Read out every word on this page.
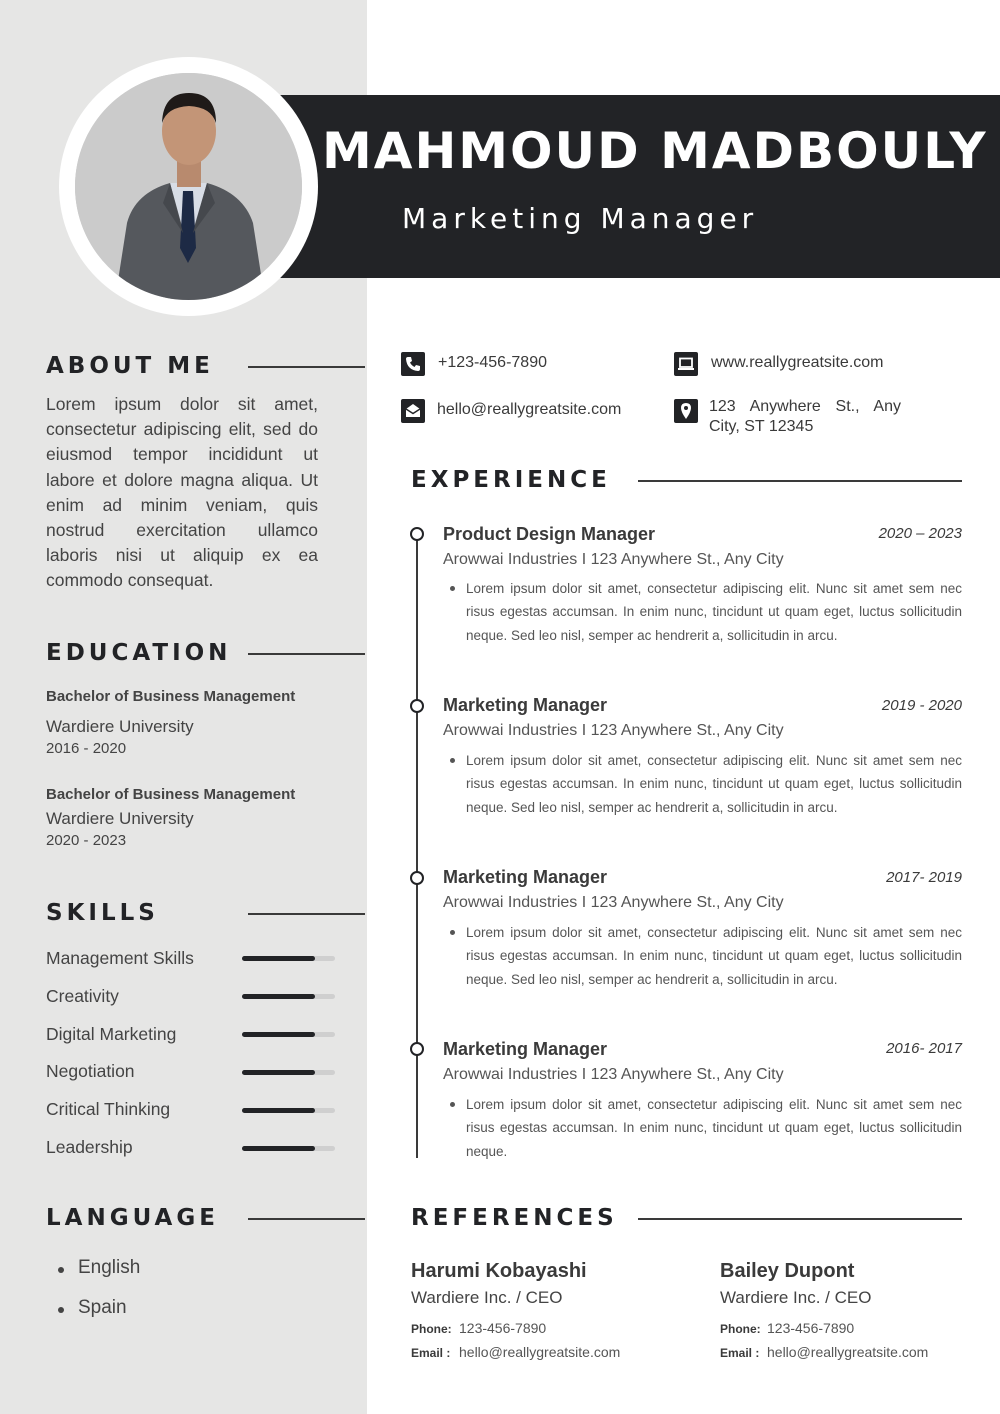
MAHMOUD MADBOULY
Marketing Manager
ABOUT ME
Lorem ipsum dolor sit amet, consectetur adipiscing elit, sed do eiusmod tempor incididunt ut labore et dolore magna aliqua. Ut enim ad minim veniam, quis nostrud exercitation ullamco laboris nisi ut aliquip ex ea commodo consequat.
EDUCATION
Bachelor of Business Management
Wardiere University
2016 - 2020
Bachelor of Business Management
Wardiere University
2020 - 2023
SKILLS
Management Skills
Creativity
Digital Marketing
Negotiation
Critical Thinking
Leadership
LANGUAGE
English
Spain
+123-456-7890
hello@reallygreatsite.com
www.reallygreatsite.com
123 Anywhere St., Any City, ST 12345
EXPERIENCE
Product Design Manager	2020 – 2023
Arowwai Industries I 123 Anywhere St., Any City
Lorem ipsum dolor sit amet, consectetur adipiscing elit. Nunc sit amet sem nec risus egestas accumsan. In enim nunc, tincidunt ut quam eget, luctus sollicitudin neque. Sed leo nisl, semper ac hendrerit a, sollicitudin in arcu.
Marketing Manager	2019 - 2020
Arowwai Industries I 123 Anywhere St., Any City
Lorem ipsum dolor sit amet, consectetur adipiscing elit. Nunc sit amet sem nec risus egestas accumsan. In enim nunc, tincidunt ut quam eget, luctus sollicitudin neque. Sed leo nisl, semper ac hendrerit a, sollicitudin in arcu.
Marketing Manager	2017- 2019
Arowwai Industries I 123 Anywhere St., Any City
Lorem ipsum dolor sit amet, consectetur adipiscing elit. Nunc sit amet sem nec risus egestas accumsan. In enim nunc, tincidunt ut quam eget, luctus sollicitudin neque. Sed leo nisl, semper ac hendrerit a, sollicitudin in arcu.
Marketing Manager	2016- 2017
Arowwai Industries I 123 Anywhere St., Any City
Lorem ipsum dolor sit amet, consectetur adipiscing elit. Nunc sit amet sem nec risus egestas accumsan. In enim nunc, tincidunt ut quam eget, luctus sollicitudin neque.
REFERENCES
Harumi Kobayashi
Wardiere Inc. / CEO
Phone: 123-456-7890
Email : hello@reallygreatsite.com
Bailey Dupont
Wardiere Inc. / CEO
Phone: 123-456-7890
Email : hello@reallygreatsite.com
